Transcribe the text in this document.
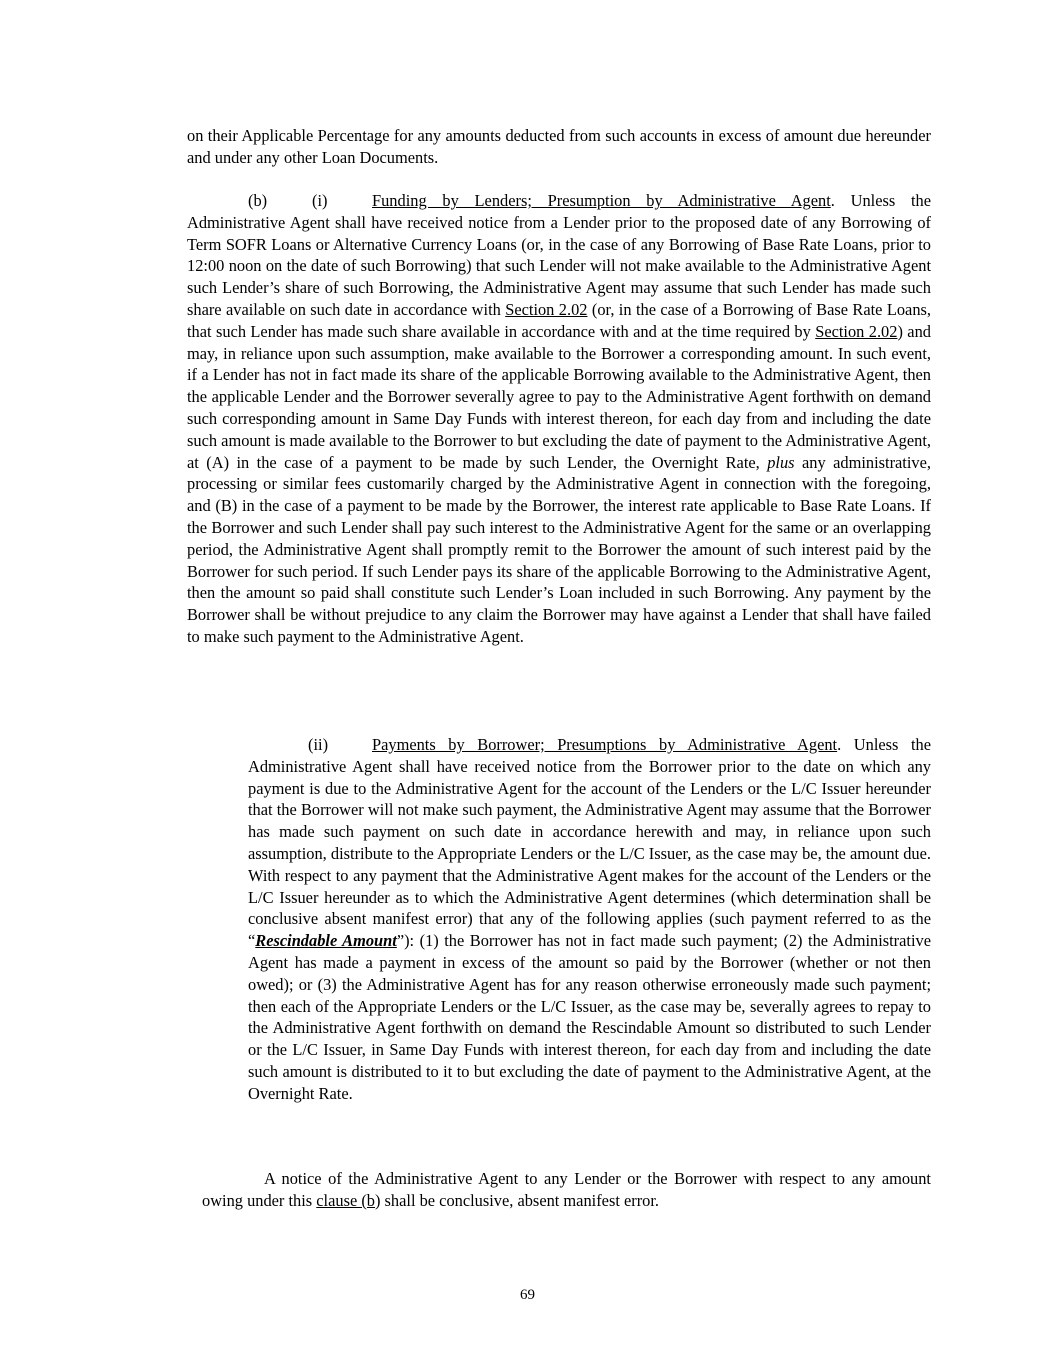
on their Applicable Percentage for any amounts deducted from such accounts in excess of amount due hereunder and under any other Loan Documents.

(b)	(i)	Funding by Lenders; Presumption by Administrative Agent. Unless the Administrative Agent shall have received notice from a Lender prior to the proposed date of any Borrowing of Term SOFR Loans or Alternative Currency Loans (or, in the case of any Borrowing of Base Rate Loans, prior to 12:00 noon on the date of such Borrowing) that such Lender will not make available to the Administrative Agent such Lender’s share of such Borrowing, the Administrative Agent may assume that such Lender has made such share available on such date in accordance with Section 2.02 (or, in the case of a Borrowing of Base Rate Loans, that such Lender has made such share available in accordance with and at the time required by Section 2.02) and may, in reliance upon such assumption, make available to the Borrower a corresponding amount. In such event, if a Lender has not in fact made its share of the applicable Borrowing available to the Administrative Agent, then the applicable Lender and the Borrower severally agree to pay to the Administrative Agent forthwith on demand such corresponding amount in Same Day Funds with interest thereon, for each day from and including the date such amount is made available to the Borrower to but excluding the date of payment to the Administrative Agent, at (A) in the case of a payment to be made by such Lender, the Overnight Rate, plus any administrative, processing or similar fees customarily charged by the Administrative Agent in connection with the foregoing, and (B) in the case of a payment to be made by the Borrower, the interest rate applicable to Base Rate Loans. If the Borrower and such Lender shall pay such interest to the Administrative Agent for the same or an overlapping period, the Administrative Agent shall promptly remit to the Borrower the amount of such interest paid by the Borrower for such period. If such Lender pays its share of the applicable Borrowing to the Administrative Agent, then the amount so paid shall constitute such Lender’s Loan included in such Borrowing. Any payment by the Borrower shall be without prejudice to any claim the Borrower may have against a Lender that shall have failed to make such payment to the Administrative Agent.

(ii)	Payments by Borrower; Presumptions by Administrative Agent. Unless the Administrative Agent shall have received notice from the Borrower prior to the date on which any payment is due to the Administrative Agent for the account of the Lenders or the L/C Issuer hereunder that the Borrower will not make such payment, the Administrative Agent may assume that the Borrower has made such payment on such date in accordance herewith and may, in reliance upon such assumption, distribute to the Appropriate Lenders or the L/C Issuer, as the case may be, the amount due. With respect to any payment that the Administrative Agent makes for the account of the Lenders or the L/C Issuer hereunder as to which the Administrative Agent determines (which determination shall be conclusive absent manifest error) that any of the following applies (such payment referred to as the “Rescindable Amount”): (1) the Borrower has not in fact made such payment; (2) the Administrative Agent has made a payment in excess of the amount so paid by the Borrower (whether or not then owed); or (3) the Administrative Agent has for any reason otherwise erroneously made such payment; then each of the Appropriate Lenders or the L/C Issuer, as the case may be, severally agrees to repay to the Administrative Agent forthwith on demand the Rescindable Amount so distributed to such Lender or the L/C Issuer, in Same Day Funds with interest thereon, for each day from and including the date such amount is distributed to it to but excluding the date of payment to the Administrative Agent, at the Overnight Rate.

A notice of the Administrative Agent to any Lender or the Borrower with respect to any amount owing under this clause (b) shall be conclusive, absent manifest error.

69
